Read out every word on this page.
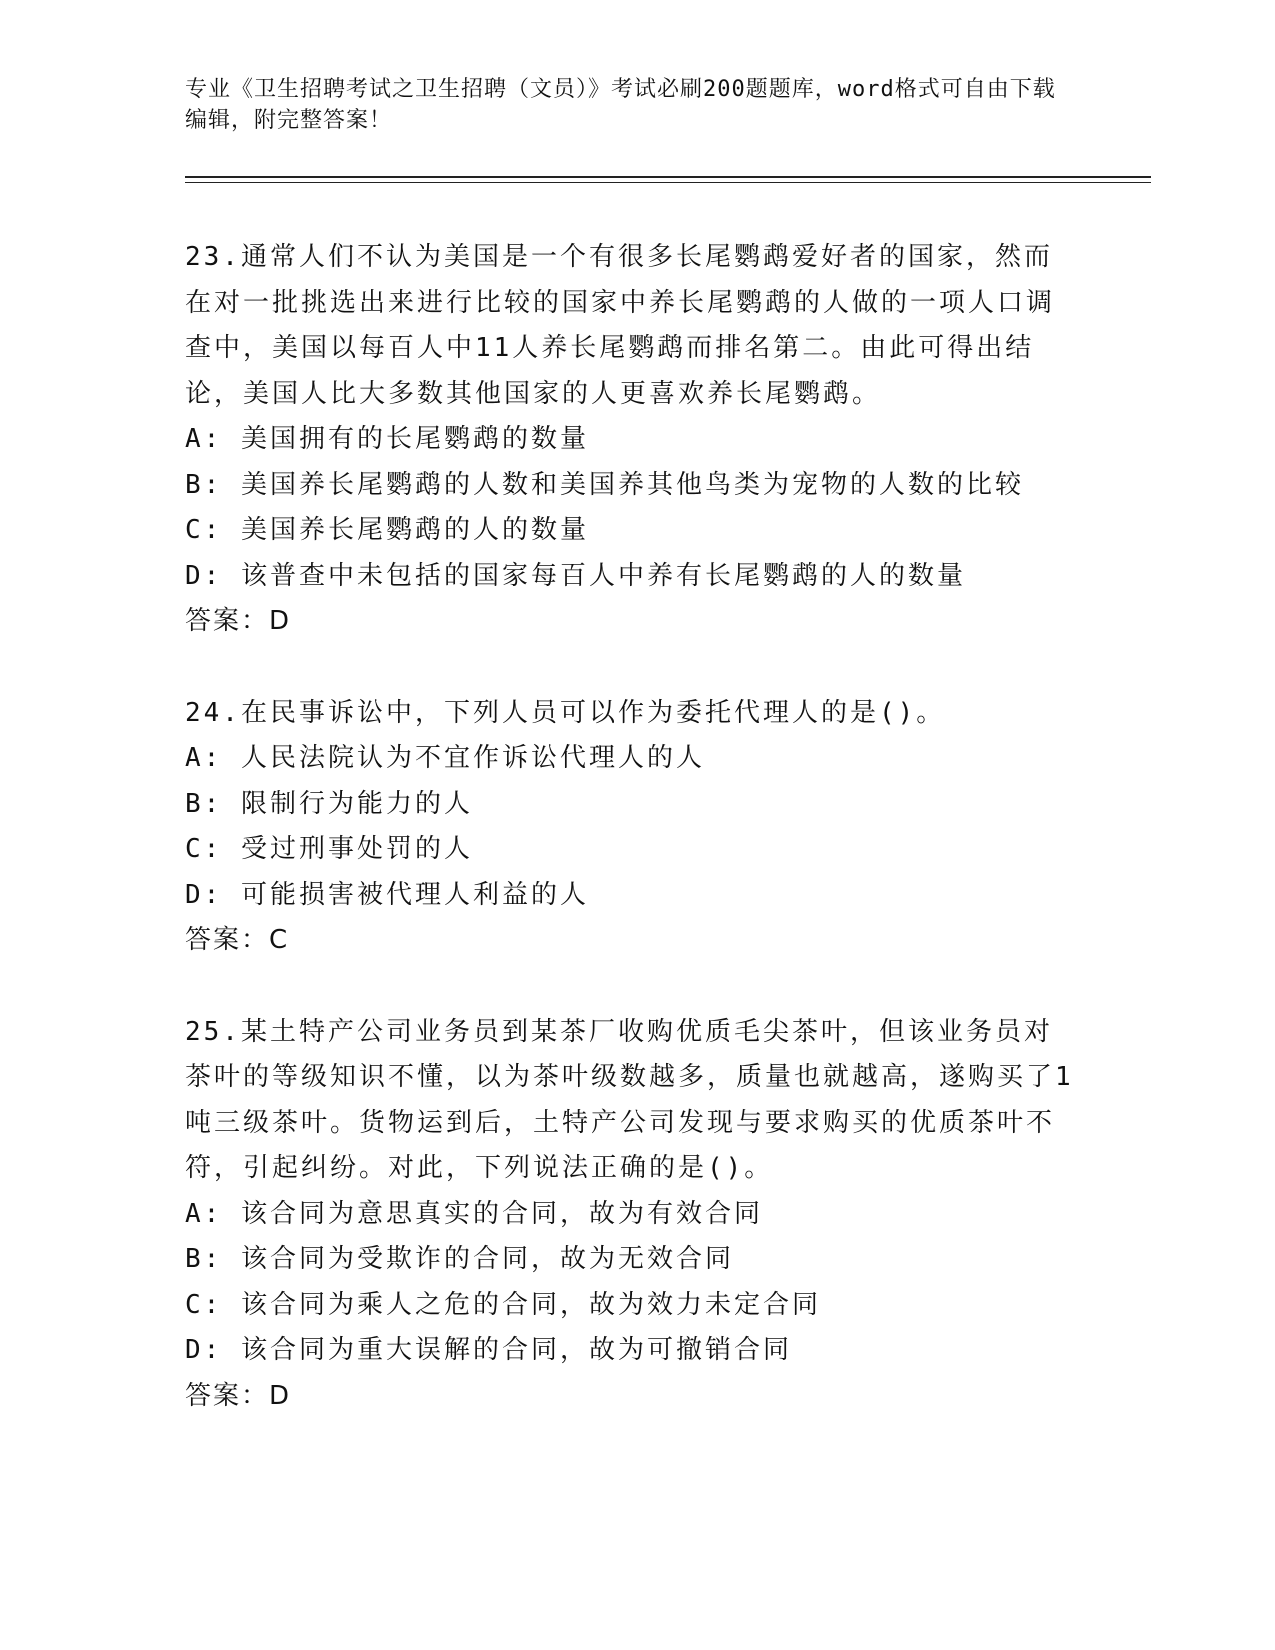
专业《卫生招聘考试之卫生招聘（文员）》考试必刷200题题库，word格式可自由下载编辑，附完整答案！

23.通常人们不认为美国是一个有很多长尾鹦鹉爱好者的国家，然而在对一批挑选出来进行比较的国家中养长尾鹦鹉的人做的一项人口调查中，美国以每百人中11人养长尾鹦鹉而排名第二。由此可得出结论，美国人比大多数其他国家的人更喜欢养长尾鹦鹉。

A:
美国拥有的长尾鹦鹉的数量
B:
美国养长尾鹦鹉的人数和美国养其他鸟类为宠物的人数的比较
C:
美国养长尾鹦鹉的人的数量
D:
该普查中未包括的国家每百人中养有长尾鹦鹉的人的数量

答案：D

24.在民事诉讼中，下列人员可以作为委托代理人的是()。

A:
人民法院认为不宜作诉讼代理人的人
B:
限制行为能力的人
C:
受过刑事处罚的人
D:
可能损害被代理人利益的人

答案：C

25.某土特产公司业务员到某茶厂收购优质毛尖茶叶，但该业务员对茶叶的等级知识不懂，以为茶叶级数越多，质量也就越高，遂购买了1吨三级茶叶。货物运到后，土特产公司发现与要求购买的优质茶叶不符，引起纠纷。对此，下列说法正确的是()。

A:
该合同为意思真实的合同，故为有效合同
B:
该合同为受欺诈的合同，故为无效合同
C:
该合同为乘人之危的合同，故为效力未定合同
D:
该合同为重大误解的合同，故为可撤销合同

答案：D
